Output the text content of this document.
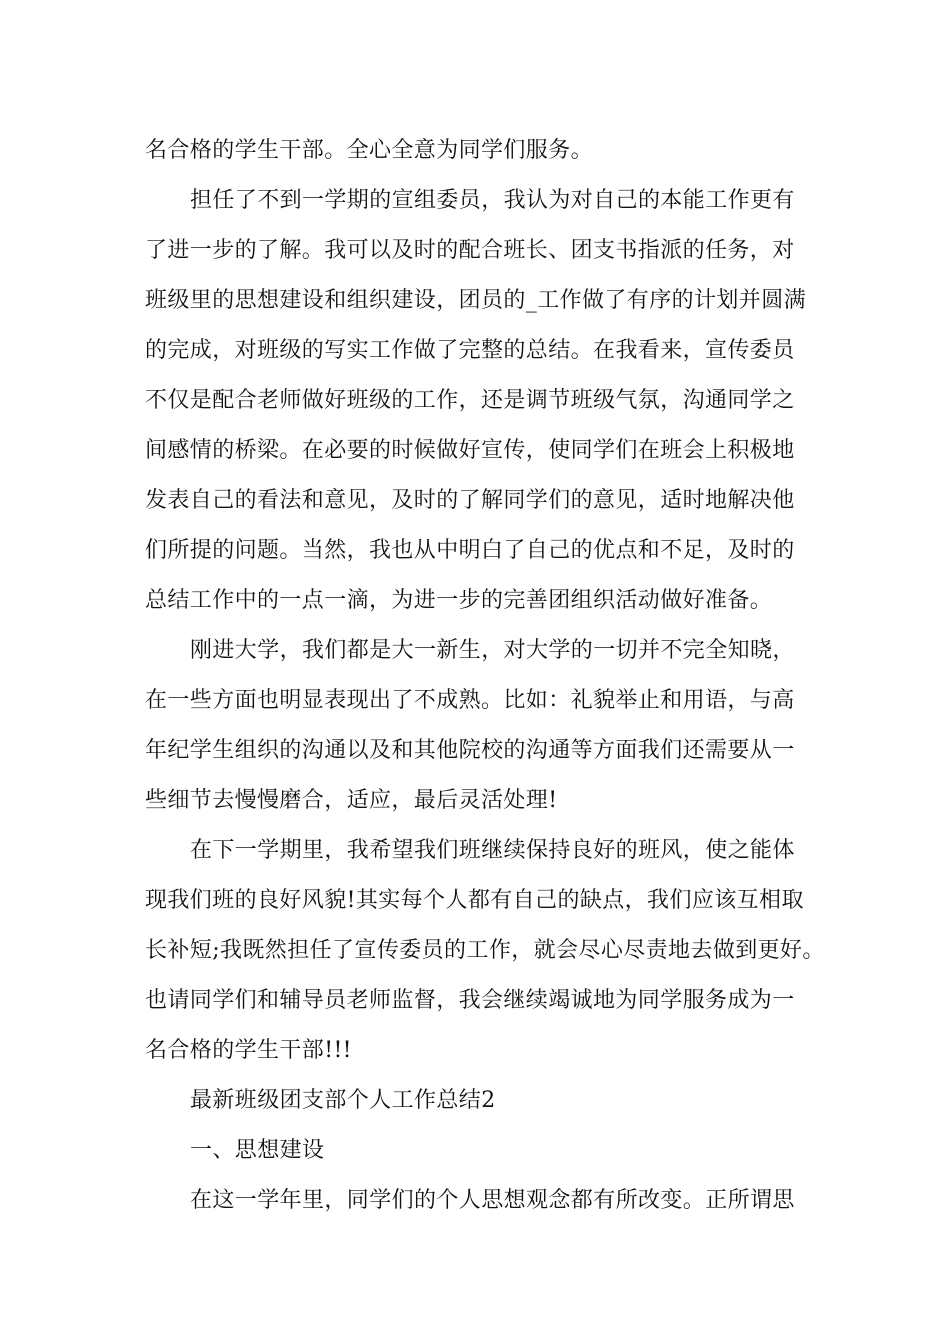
名合格的学生干部。全心全意为同学们服务。
担任了不到一学期的宣组委员，我认为对自己的本能工作更有
了进一步的了解。我可以及时的配合班长、团支书指派的任务，对
班级里的思想建设和组织建设，团员的_工作做了有序的计划并圆满
的完成，对班级的写实工作做了完整的总结。在我看来，宣传委员
不仅是配合老师做好班级的工作，还是调节班级气氛，沟通同学之
间感情的桥梁。在必要的时候做好宣传，使同学们在班会上积极地
发表自己的看法和意见，及时的了解同学们的意见，适时地解决他
们所提的问题。当然，我也从中明白了自己的优点和不足，及时的
总结工作中的一点一滴，为进一步的完善团组织活动做好准备。
刚进大学，我们都是大一新生，对大学的一切并不完全知晓，
在一些方面也明显表现出了不成熟。比如：礼貌举止和用语，与高
年纪学生组织的沟通以及和其他院校的沟通等方面我们还需要从一
些细节去慢慢磨合，适应，最后灵活处理!
在下一学期里，我希望我们班继续保持良好的班风，使之能体
现我们班的良好风貌!其实每个人都有自己的缺点，我们应该互相取
长补短;我既然担任了宣传委员的工作，就会尽心尽责地去做到更好。
也请同学们和辅导员老师监督，我会继续竭诚地为同学服务成为一
名合格的学生干部!!!
最新班级团支部个人工作总结2
一、思想建设
在这一学年里，同学们的个人思想观念都有所改变。正所谓思
